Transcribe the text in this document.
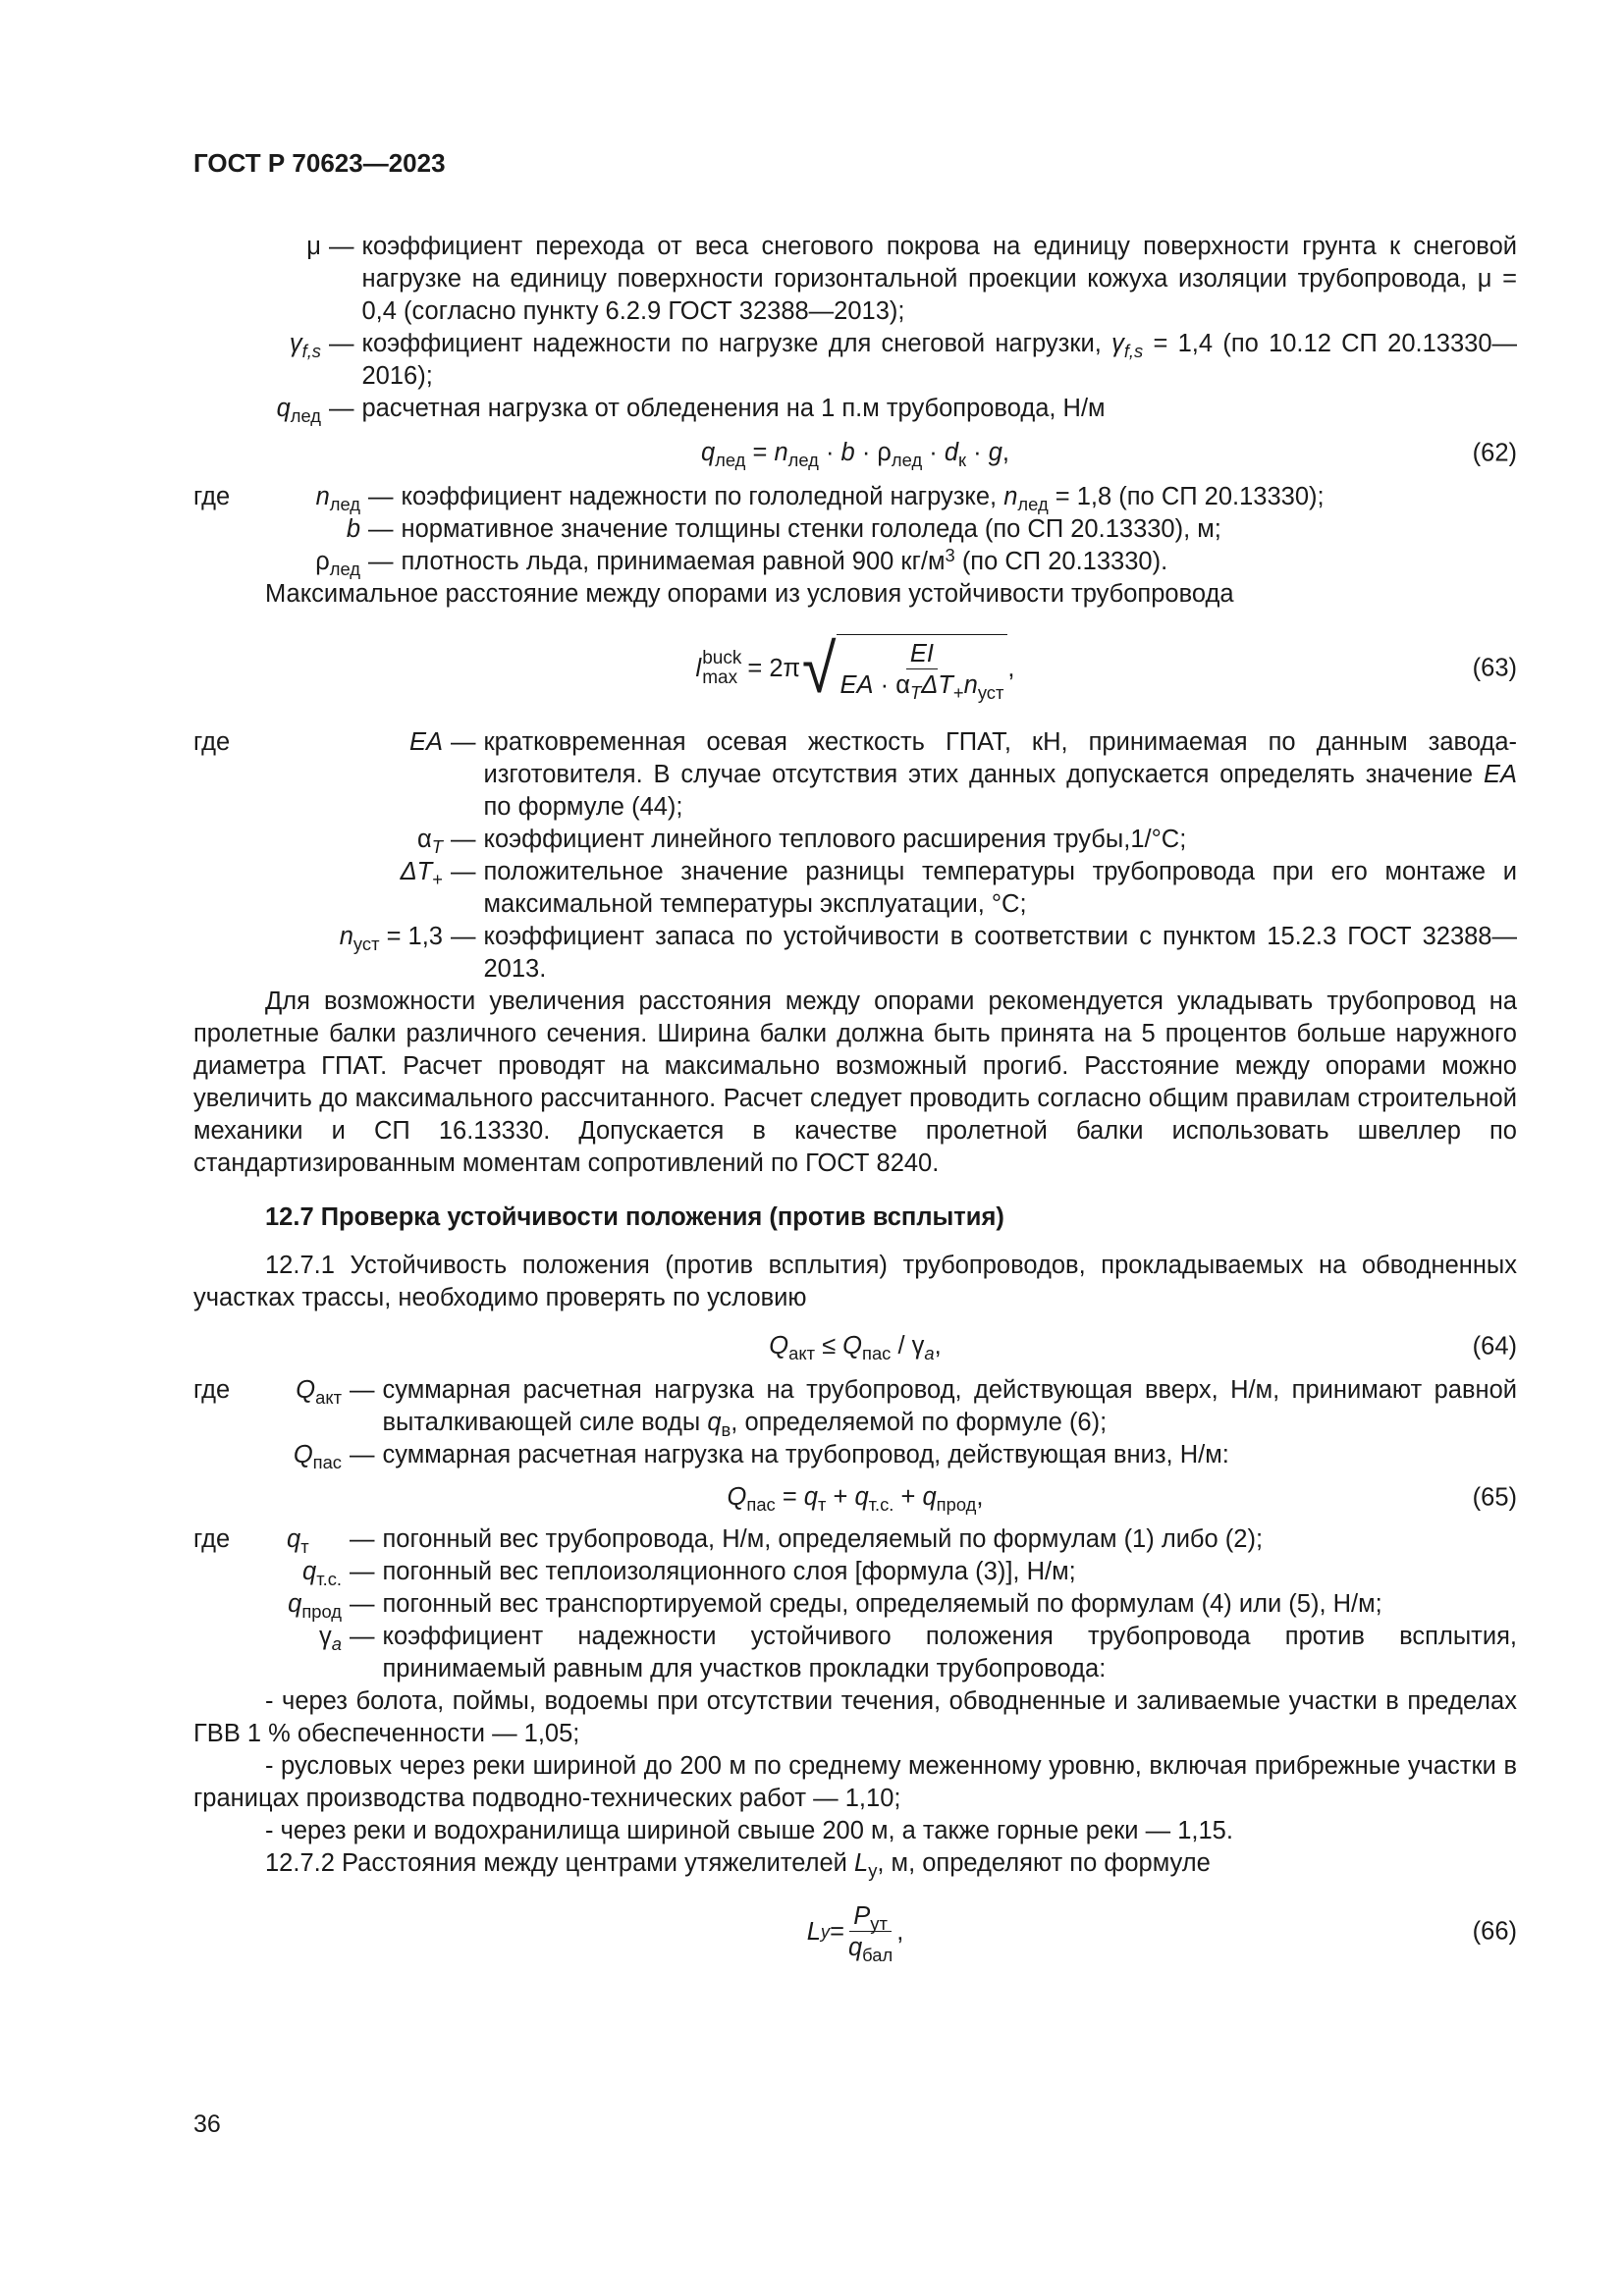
ГОСТ Р 70623—2023
μ — коэффициент перехода от веса снегового покрова на единицу поверхности грунта к снеговой нагрузке на единицу поверхности горизонтальной проекции кожуха изоляции трубопровода, μ = 0,4 (согласно пункту 6.2.9 ГОСТ 32388—2013);
$\gamma_{f,s}$ — коэффициент надежности по нагрузке для снеговой нагрузки, $\gamma_{f,s} = 1,4$ (по 10.12 СП 20.13330—2016);
$q_{лед}$ — расчетная нагрузка от обледенения на 1 п.м трубопровода, Н/м
$q_{лед} = n_{лед} \cdot b \cdot \rho_{лед} \cdot d_к \cdot g$,	(62)
где	$n_{лед}$ — коэффициент надежности по гололедной нагрузке, $n_{лед} = 1,8$ (по СП 20.13330);
b — нормативное значение толщины стенки гололеда (по СП 20.13330), м;
$\rho_{лед}$ — плотность льда, принимаемая равной 900 $кг/м^3$ (по СП 20.13330).

Максимальное расстояние между опорами из условия устойчивости трубопровода

l buck
max = 2π √ $\frac{EI}{EA \cdot \alpha_T\Delta T_+n_{уст}}$ ,	(63)
где	EA — кратковременная осевая жесткость ГПАТ, кН, принимаемая по данным завода-изготовителя. В случае отсутствия этих данных допускается определять значение EA по формуле (44);
$\alpha_T$ — коэффициент линейного теплового расширения трубы,1/°С;
$\Delta T_+$ — положительное значение разницы температуры трубопровода при его монтаже и максимальной температуры эксплуатации, °С;
$n_{уст} = 1,3$ — коэффициент запаса по устойчивости в соответствии с пунктом 15.2.3 ГОСТ 32388—2013.

Для возможности увеличения расстояния между опорами рекомендуется укладывать трубопровод на пролетные балки различного сечения. Ширина балки должна быть принята на 5 процентов больше наружного диаметра ГПАТ. Расчет проводят на максимально возможный прогиб. Расстояние между опорами можно увеличить до максимального рассчитанного. Расчет следует проводить согласно общим правилам строительной механики и СП 16.13330. Допускается в качестве пролетной балки использовать швеллер по стандартизированным моментам сопротивлений по ГОСТ 8240.

12.7 Проверка устойчивости положения (против всплытия)

12.7.1 Устойчивость положения (против всплытия) трубопроводов, прокладываемых на обводненных участках трассы, необходимо проверять по условию

$Q_{акт} \le Q_{пас} / \gamma_a$,	(64)
где	$Q_{акт}$ — суммарная расчетная нагрузка на трубопровод, действующая вверх, Н/м, принимают равной выталкивающей силе воды $q_в$, определяемой по формуле (6);
$Q_{пас}$ — суммарная расчетная нагрузка на трубопровод, действующая вниз, Н/м:
$Q_{пас} = q_т + q_{т.с.} + q_{прод}$,	(65)
где $q_т$	— погонный вес трубопровода, Н/м, определяемый по формулам (1) либо (2);
$q_{т.с.}$ — погонный вес теплоизоляционного слоя [формула (3)], Н/м;
$q_{прод}$ — погонный вес транспортируемой среды, определяемый по формулам (4) или (5), Н/м;
$\gamma_a$ — коэффициент надежности устойчивого положения трубопровода против всплытия, принимаемый равным для участков прокладки трубопровода:

- через болота, поймы, водоемы при отсутствии течения, обводненные и заливаемые участки в пределах ГВВ 1 % обеспеченности — 1,05;

- русловых через реки шириной до 200 м по среднему меженному уровню, включая прибрежные участки в границах производства подводно-технических работ — 1,10;

- через реки и водохранилища шириной свыше 200 м, а также горные реки — 1,15.

12.7.2 Расстояния между центрами утяжелителей $L_у$, м, определяют по формуле

L $y = \frac{P_{ут}}{q_{бал}}$ ,	(66)
36
